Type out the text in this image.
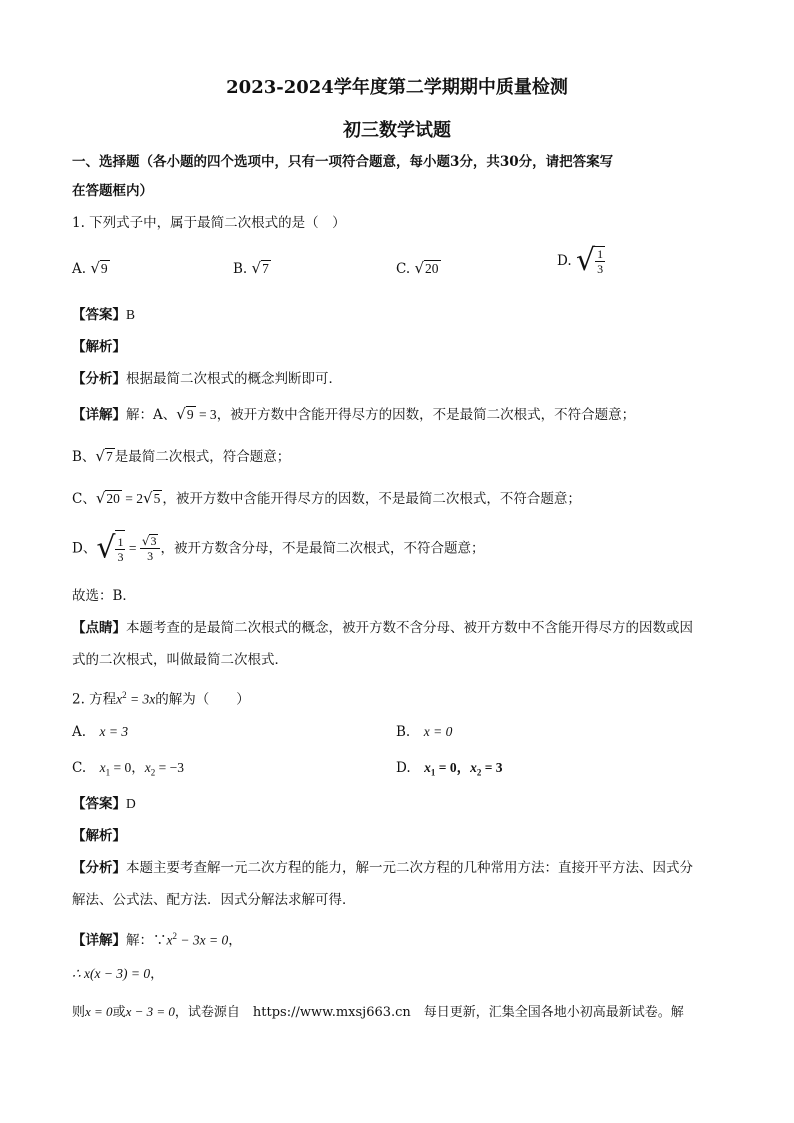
2023-2024学年度第二学期期中质量检测
初三数学试题
一、选择题（各小题的四个选项中，只有一项符合题意，每小题3分，共30分，请把答案写
在答题框内）
1. 下列式子中，属于最简二次根式的是（　）
A. √9	B. √7	C. √20	D. √ $\frac{1}{3}$
【答案】B
【解析】
【分析】根据最简二次根式的概念判断即可．
【详解】解：A、√9 = 3，被开方数中含能开得尽方的因数，不是最简二次根式，不符合题意；
B、√7 是最简二次根式，符合题意；
C、√20 = 2√5 ，被开方数中含能开得尽方的因数，不是最简二次根式，不符合题意；
D、√ $\frac{1}{3} = \frac{√3}{3}$ ，被开方数含分母，不是最简二次根式，不符合题意；
故选：B．
【点睛】本题考查的是最简二次根式的概念，被开方数不含分母、被开方数中不含能开得尽方的因数或因
式的二次根式，叫做最简二次根式．
2. 方程$x^2 = 3x$的解为（　　）
A.　 x = 3	B.　 x = 0
C.　 $x_1 = 0$，$x_2 = -3$	D.　 $x_1 = 0$，$x_2 = 3$
【答案】D
【解析】
【分析】本题主要考查解一元二次方程的能力，解一元二次方程的几种常用方法：直接开平方法、因式分
解法、公式法、配方法．因式分解法求解可得．
【详解】解：$\because x^2 - 3x = 0$，
∴ x(x − 3) = 0，
则x = 0或x − 3 = 0，试卷源自　https://www.mxsj663.cn　每日更新，汇集全国各地小初高最新试卷。解
